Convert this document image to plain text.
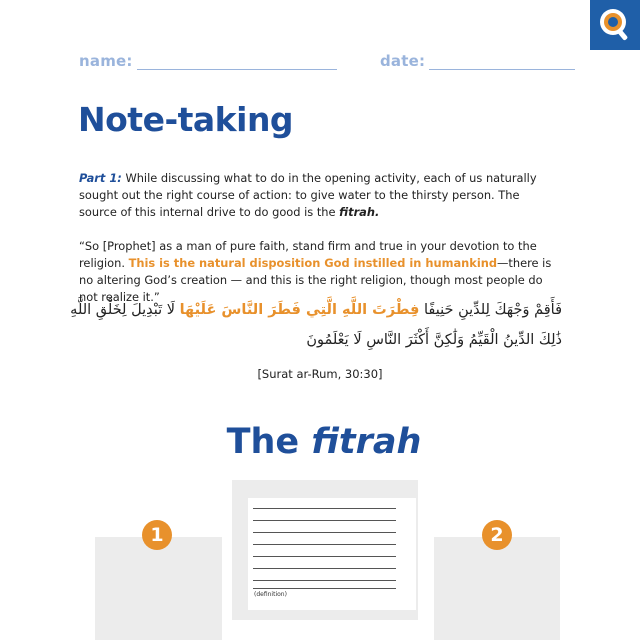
name:	date:
Note-taking
Part 1: While discussing what to do in the opening activity, each of us naturally sought out the right course of action: to give water to the thirsty person. The source of this internal drive to do good is the fitrah.
“So [Prophet] as a man of pure faith, stand firm and true in your devotion to the religion. This is the natural disposition God instilled in humankind—there is no altering God’s creation — and this is the right religion, though most people do not realize it.”
فَأَقِمْ وَجْهَكَ لِلدِّينِ حَنِيفًا فِطْرَتَ اللَّهِ الَّتِي فَطَرَ النَّاسَ عَلَيْهَا لَا تَبْدِيلَ لِخَلْقِ اللَّهِ ذَٰلِكَ الدِّينُ الْقَيِّمُ وَلَٰكِنَّ أَكْثَرَ النَّاسِ لَا يَعْلَمُونَ
[Surat ar-Rum, 30:30]
The fitrah
(definition)
1	2
